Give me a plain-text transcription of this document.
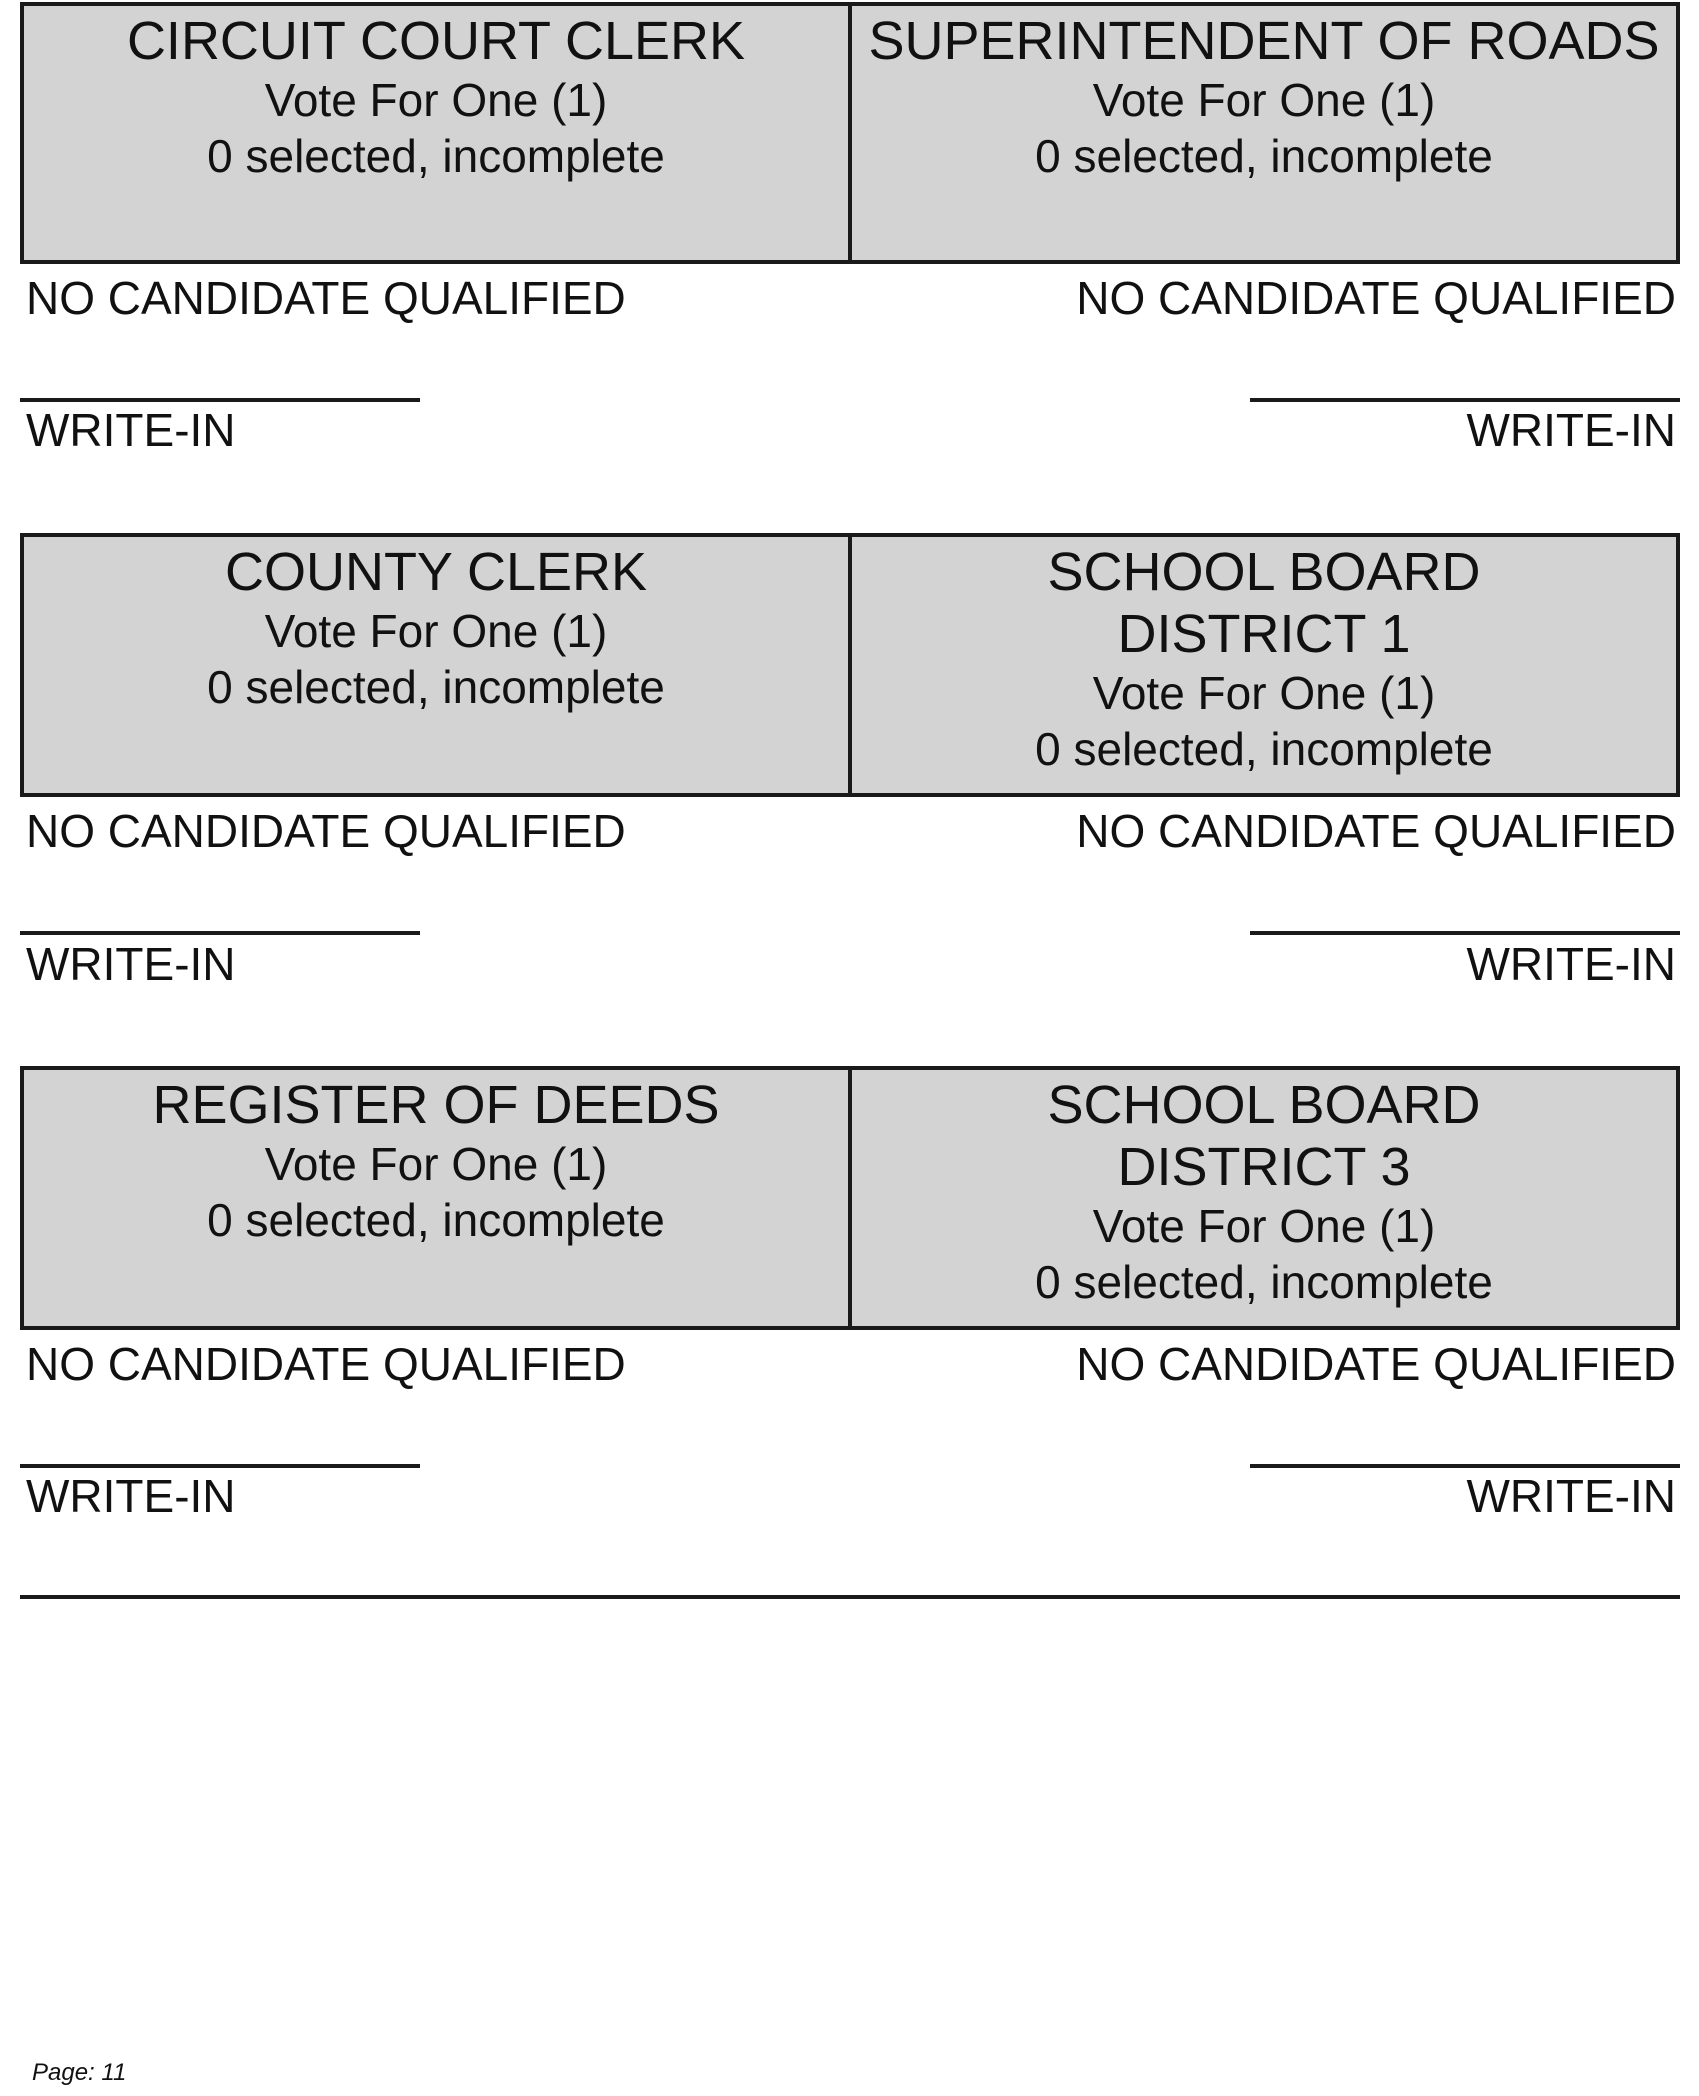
CIRCUIT COURT CLERK
Vote For One (1)
0 selected, incomplete
SUPERINTENDENT OF ROADS
Vote For One (1)
0 selected, incomplete
NO CANDIDATE QUALIFIED	NO CANDIDATE QUALIFIED
WRITE-IN	WRITE-IN
COUNTY CLERK
Vote For One (1)
0 selected, incomplete
SCHOOL BOARD
DISTRICT 1
Vote For One (1)
0 selected, incomplete
NO CANDIDATE QUALIFIED	NO CANDIDATE QUALIFIED
WRITE-IN	WRITE-IN
REGISTER OF DEEDS
Vote For One (1)
0 selected, incomplete
SCHOOL BOARD
DISTRICT 3
Vote For One (1)
0 selected, incomplete
NO CANDIDATE QUALIFIED	NO CANDIDATE QUALIFIED
WRITE-IN	WRITE-IN
Page: 11
